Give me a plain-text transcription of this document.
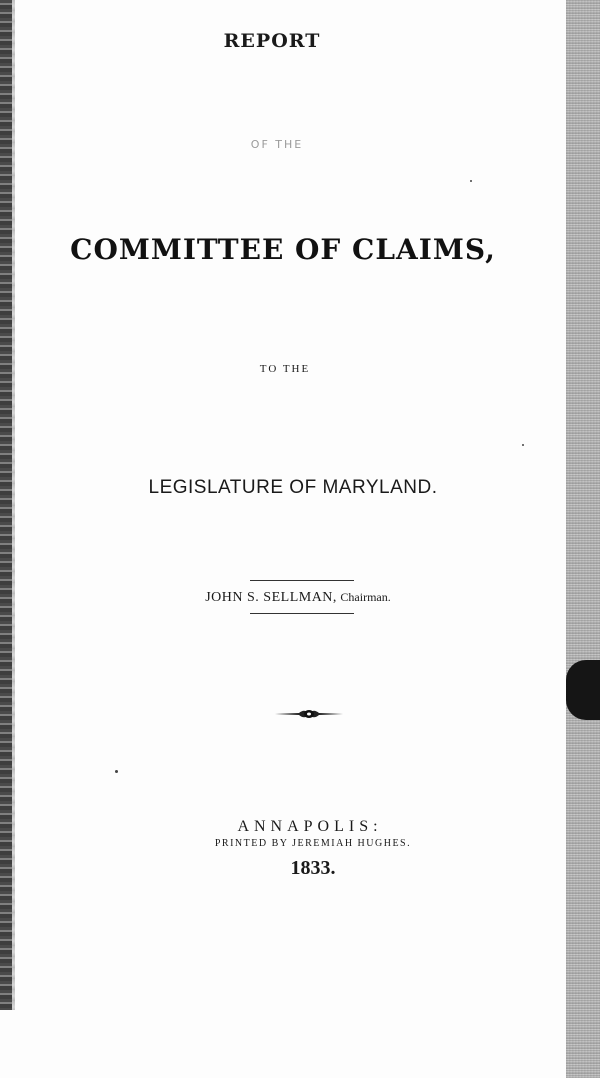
REPORT
OF THE
COMMITTEE OF CLAIMS,
TO THE
LEGISLATURE OF MARYLAND.
JOHN S. SELLMAN, Chairman.
ANNAPOLIS:
PRINTED BY JEREMIAH HUGHES.
1833.
